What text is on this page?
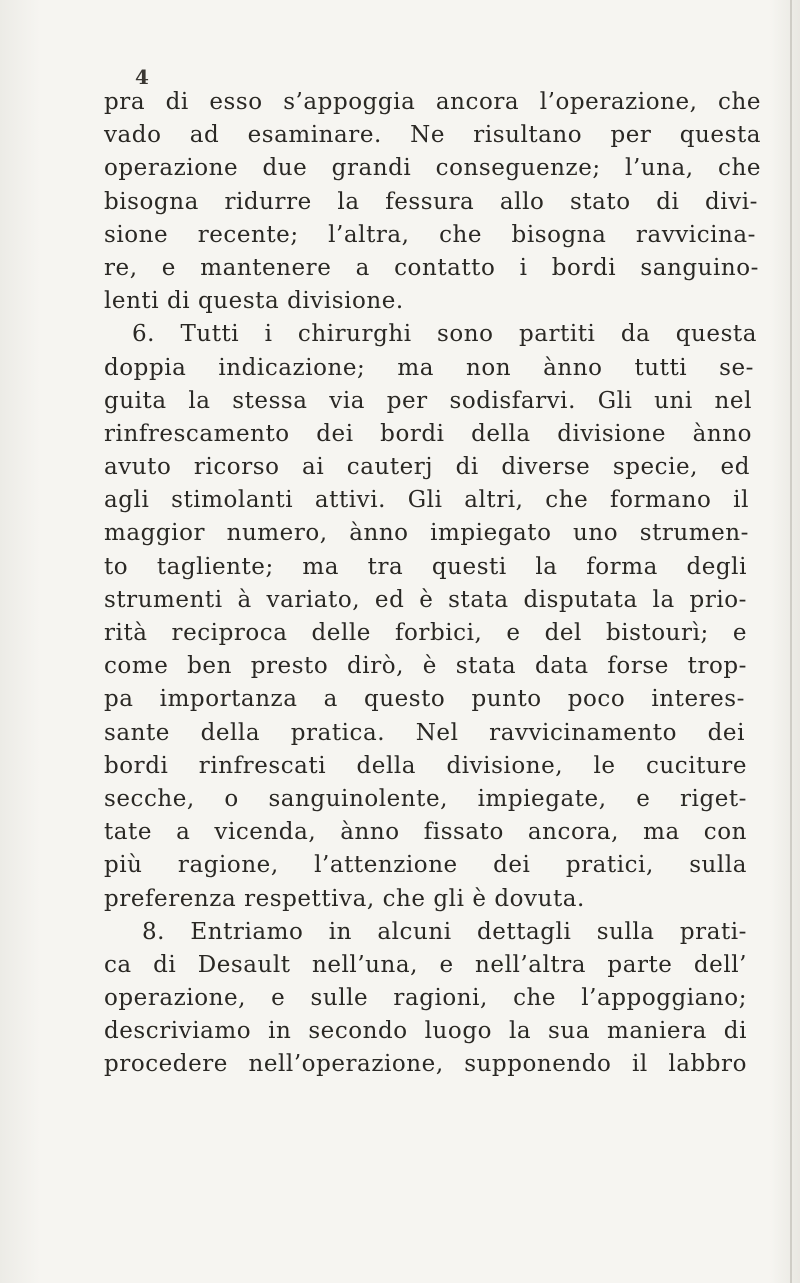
4
pra di esso s’appoggia ancora l’operazione, che
vado ad esaminare. Ne risultano per questa
operazione due grandi conseguenze; l’una, che
bisogna ridurre la fessura allo stato di divi-
sione recente; l’altra, che bisogna ravvicina-
re, e mantenere a contatto i bordi sanguino-
lenti di questa divisione.
6. Tutti i chirurghi sono partiti da questa
doppia indicazione; ma non ànno tutti se-
guita la stessa via per sodisfarvi. Gli uni nel
rinfrescamento dei bordi della divisione ànno
avuto ricorso ai cauterj di diverse specie, ed
agli stimolanti attivi. Gli altri, che formano il
maggior numero, ànno impiegato uno strumen-
to tagliente; ma tra questi la forma degli
strumenti à variato, ed è stata disputata la prio-
rità reciproca delle forbici, e del bistourì; e
come ben presto dirò, è stata data forse trop-
pa importanza a questo punto poco interes-
sante della pratica. Nel ravvicinamento dei
bordi rinfrescati della divisione, le cuciture
secche, o sanguinolente, impiegate, e riget-
tate a vicenda, ànno fissato ancora, ma con
più ragione, l’attenzione dei pratici, sulla
preferenza respettiva, che gli è dovuta.
8. Entriamo in alcuni dettagli sulla prati-
ca di Desault nell’una, e nell’altra parte dell’
operazione, e sulle ragioni, che l’appoggiano;
descriviamo in secondo luogo la sua maniera di
procedere nell’operazione, supponendo il labbro
